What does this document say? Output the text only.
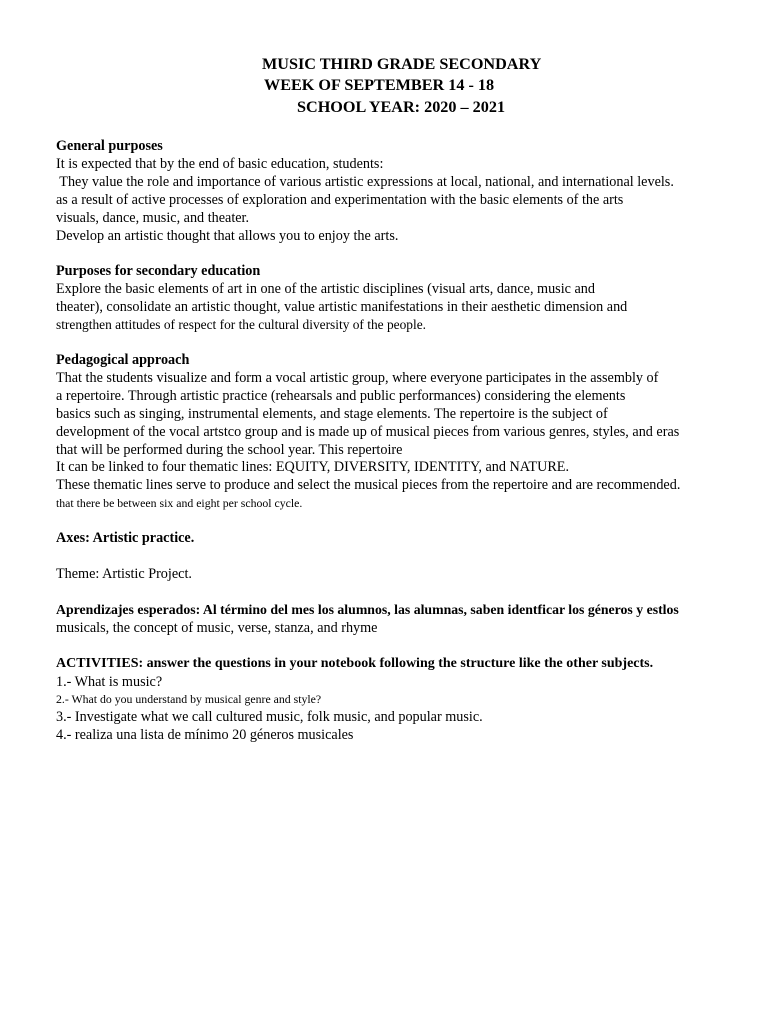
MUSIC THIRD GRADE SECONDARY
WEEK OF SEPTEMBER 14 - 18
SCHOOL YEAR: 2020 – 2021
General purposes
It is expected that by the end of basic education, students:
They value the role and importance of various artistic expressions at local, national, and international levels.
as a result of active processes of exploration and experimentation with the basic elements of the arts
visuals, dance, music, and theater.
Develop an artistic thought that allows you to enjoy the arts.
Purposes for secondary education
Explore the basic elements of art in one of the artistic disciplines (visual arts, dance, music and
theater), consolidate an artistic thought, value artistic manifestations in their aesthetic dimension and
strengthen attitudes of respect for the cultural diversity of the people.
Pedagogical approach
That the students visualize and form a vocal artistic group, where everyone participates in the assembly of
a repertoire. Through artistic practice (rehearsals and public performances) considering the elements
basics such as singing, instrumental elements, and stage elements. The repertoire is the subject of
development of the vocal artstco group and is made up of musical pieces from various genres, styles, and eras
that will be performed during the school year. This repertoire
It can be linked to four thematic lines: EQUITY, DIVERSITY, IDENTITY, and NATURE.
These thematic lines serve to produce and select the musical pieces from the repertoire and are recommended.
that there be between six and eight per school cycle.
Axes: Artistic practice.
Theme: Artistic Project.
Aprendizajes esperados: Al término del mes los alumnos, las alumnas, saben identficar los géneros y estlos
musicals, the concept of music, verse, stanza, and rhyme
ACTIVITIES: answer the questions in your notebook following the structure like the other subjects.
1.- What is music?
2.- What do you understand by musical genre and style?
3.- Investigate what we call cultured music, folk music, and popular music.
4.- realiza una lista de mínimo 20 géneros musicales
